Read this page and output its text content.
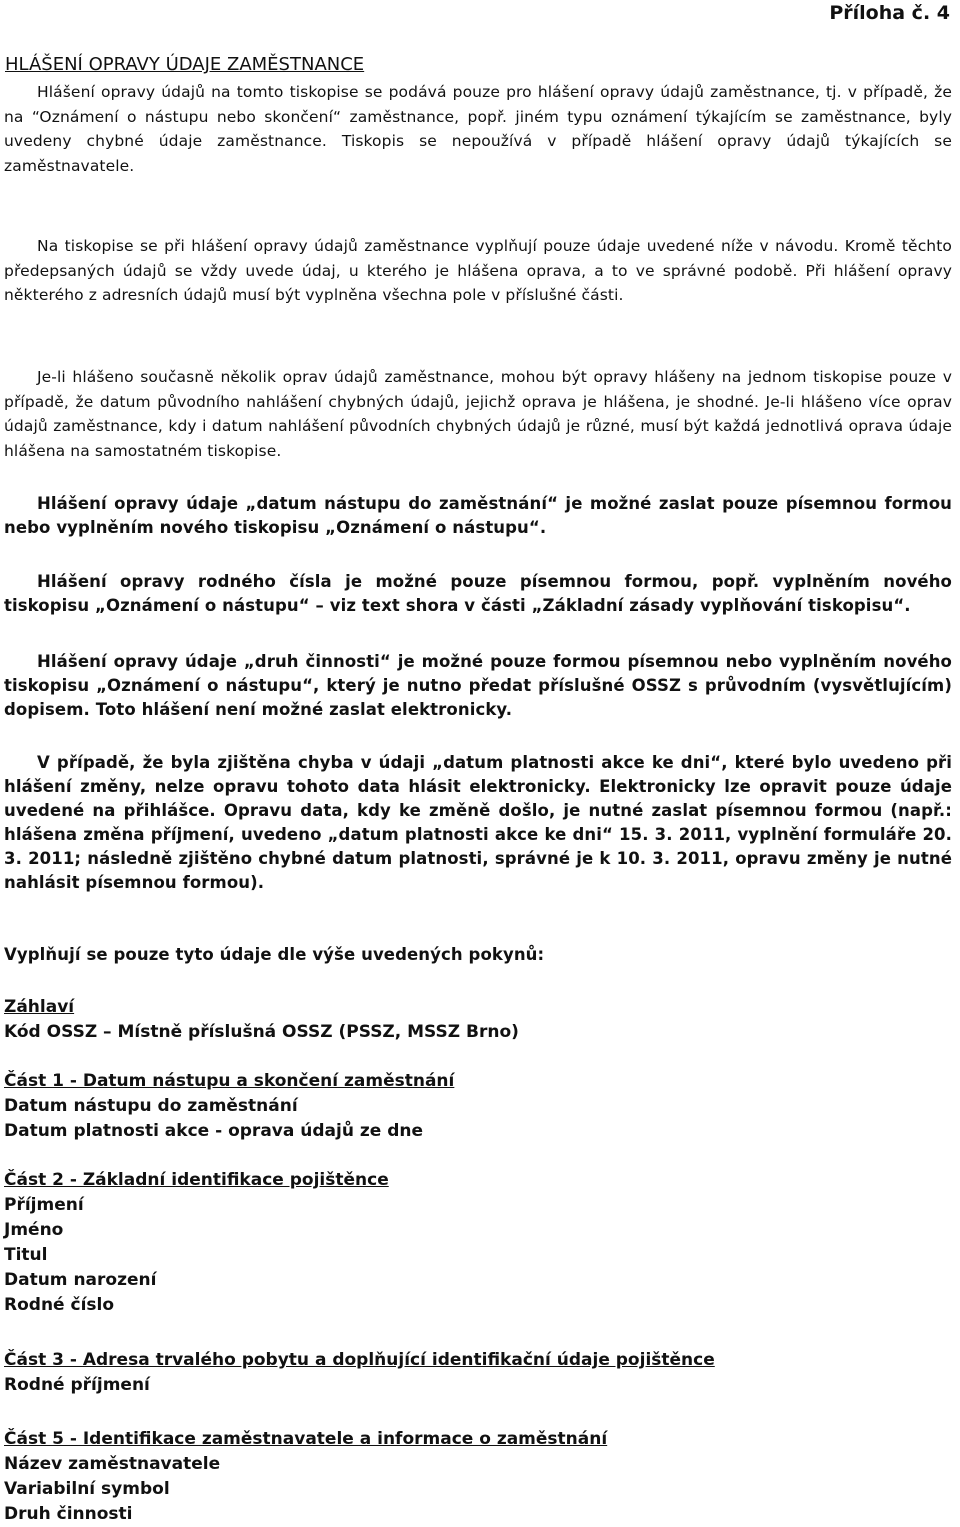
Příloha č. 4
HLÁŠENÍ OPRAVY ÚDAJE ZAMĚSTNANCE

Hlášení opravy údajů na tomto tiskopise se podává pouze pro hlášení opravy údajů zaměstnance, tj. v případě, že na “Oznámení o nástupu nebo skončení“ zaměstnance, popř. jiném typu oznámení týkajícím se zaměstnance, byly uvedeny chybné údaje zaměstnance. Tiskopis se nepoužívá v případě hlášení opravy údajů týkajících se zaměstnavatele.

Na tiskopise se při hlášení opravy údajů zaměstnance vyplňují pouze údaje uvedené níže v návodu. Kromě těchto předepsaných údajů se vždy uvede údaj, u kterého je hlášena oprava, a to ve správné podobě. Při hlášení opravy některého z adresních údajů musí být vyplněna všechna pole v příslušné části.

Je-li hlášeno současně několik oprav údajů zaměstnance, mohou být opravy hlášeny na jednom tiskopise pouze v případě, že datum původního nahlášení chybných údajů, jejichž oprava je hlášena, je shodné. Je-li hlášeno více oprav údajů zaměstnance, kdy i datum nahlášení původních chybných údajů je různé, musí být každá jednotlivá oprava údaje hlášena na samostatném tiskopise.

Hlášení opravy údaje „datum nástupu do zaměstnání“ je možné zaslat pouze písemnou formou nebo vyplněním nového tiskopisu „Oznámení o nástupu“.

Hlášení opravy rodného čísla je možné pouze písemnou formou, popř. vyplněním nového tiskopisu „Oznámení o nástupu“ – viz text shora v části „Základní zásady vyplňování tiskopisu“.

Hlášení opravy údaje „druh činnosti“ je možné pouze formou písemnou nebo vyplněním nového tiskopisu „Oznámení o nástupu“, který je nutno předat příslušné OSSZ s průvodním (vysvětlujícím) dopisem. Toto hlášení není možné zaslat elektronicky.

V případě, že byla zjištěna chyba v údaji „datum platnosti akce ke dni“, které bylo uvedeno při hlášení změny, nelze opravu tohoto data hlásit elektronicky. Elektronicky lze opravit pouze údaje uvedené na přihlášce. Opravu data, kdy ke změně došlo, je nutné zaslat písemnou formou (např.: hlášena změna příjmení, uvedeno „datum platnosti akce ke dni“ 15. 3. 2011, vyplnění formuláře 20. 3. 2011; následně zjištěno chybné datum platnosti, správné je k 10. 3. 2011, opravu změny je nutné nahlásit písemnou formou).

Vyplňují se pouze tyto údaje dle výše uvedených pokynů:

Záhlaví
Kód OSSZ – Místně příslušná OSSZ (PSSZ, MSSZ Brno)
Část 1 - Datum nástupu a skončení zaměstnání
Datum nástupu do zaměstnání
Datum platnosti akce - oprava údajů ze dne
Část 2 - Základní identifikace pojištěnce
Příjmení
Jméno
Titul
Datum narození
Rodné číslo
Část 3 - Adresa trvalého pobytu a doplňující identifikační údaje pojištěnce
Rodné příjmení
Část 5 - Identifikace zaměstnavatele a informace o zaměstnání
Název zaměstnavatele
Variabilní symbol
Druh činnosti
